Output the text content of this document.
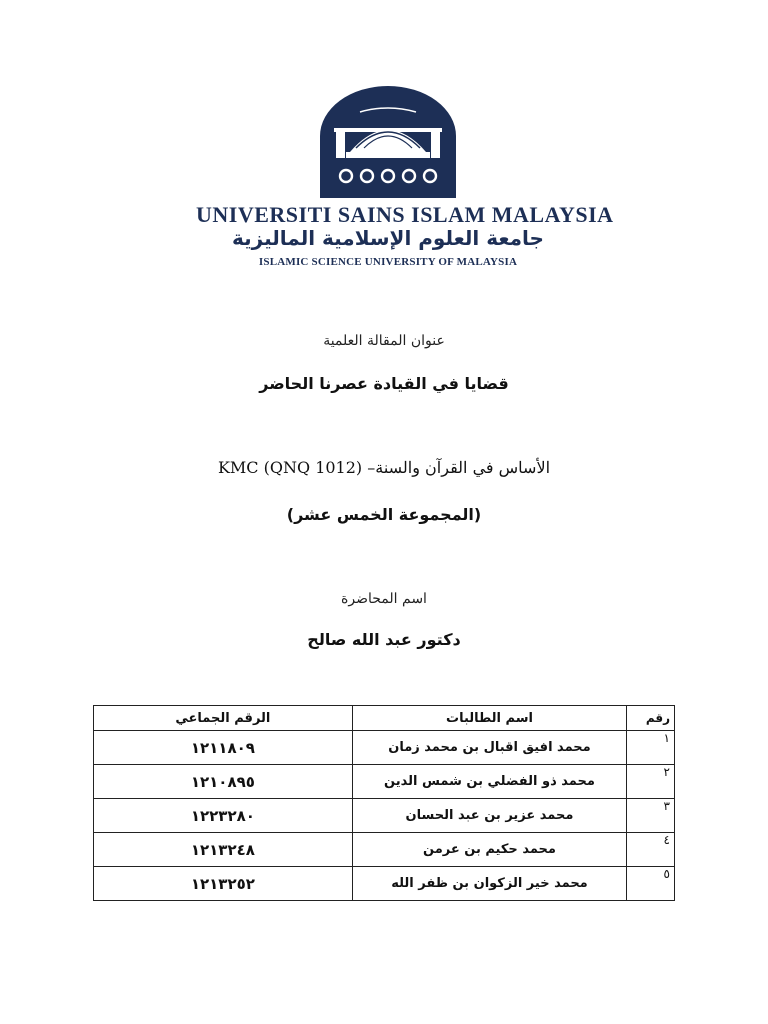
UNIVERSITI SAINS ISLAM MALAYSIA
جامعة العلوم الإسلامية الماليزية
ISLAMIC SCIENCE UNIVERSITY OF MALAYSIA
عنوان المقالة العلمية
قضايا في القيادة عصرنا الحاضر
الأساس في القرآن والسنة– KMC (QNQ 1012)
(المجموعة الخمس عشر)
اسم المحاضرة
دكتور عبد الله صالح
رقم	اسم الطالبات	الرقم الجماعي
١	محمد افيق اقبال بن محمد زمان	١٢١١٨٠٩
٢	محمد ذو الفضلي بن شمس الدين	١٢١٠٨٩٥
٣	محمد عزير بن عبد الحسان	١٢٢٣٢٨٠
٤	محمد حكيم بن عرمن	١٢١٣٢٤٨
٥	محمد خير الزكوان بن ظفر الله	١٢١٣٢٥٢
